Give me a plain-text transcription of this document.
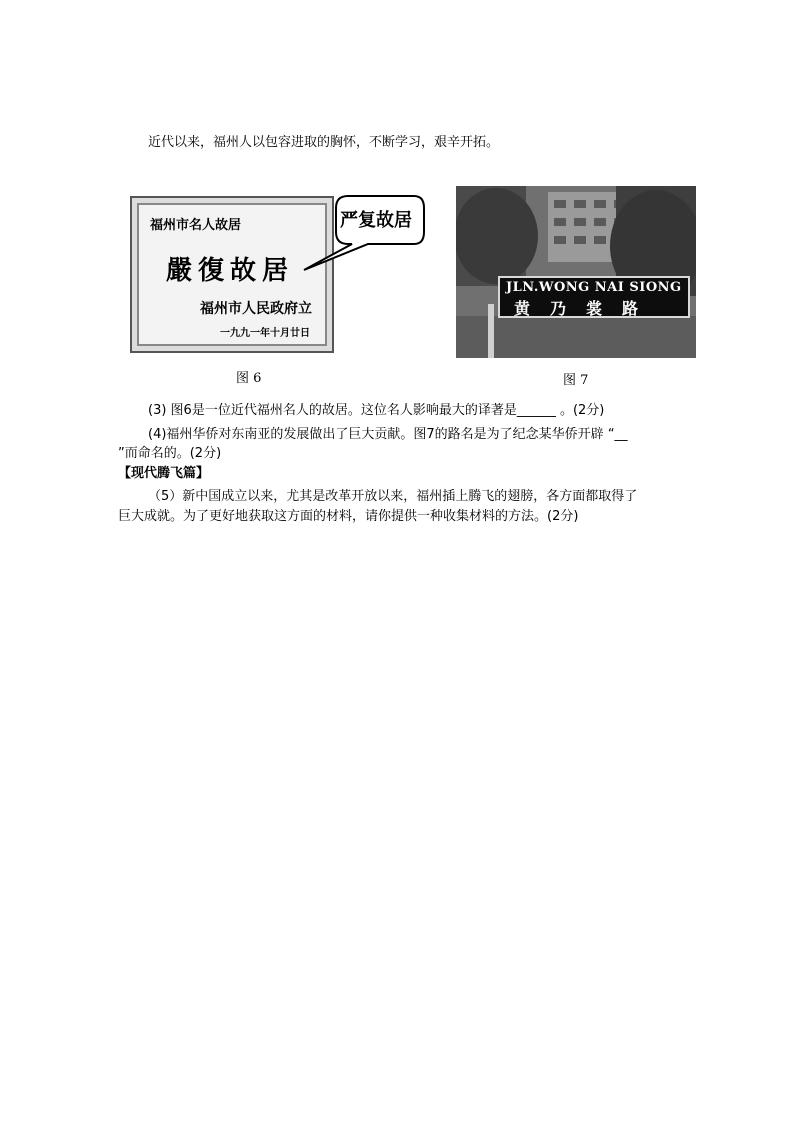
近代以来，福州人以包容进取的胸怀，不断学习，艰辛开拓。
福州市名人故居
嚴復故居
福州市人民政府立
一九九一年十月廿日
严复故居
图 6
JLN.WONG NAI SIONG
黄乃裳路
图 7
(3) 图6是一位近代福州名人的故居。这位名人影响最大的译著是______ 。(2分)
(4)福州华侨对东南亚的发展做出了巨大贡献。图7的路名是为了纪念某华侨开辟 “__
”而命名的。(2分)
【现代腾飞篇】
（5）新中国成立以来，尤其是改革开放以来，福州插上腾飞的翅膀，各方面都取得了
巨大成就。为了更好地获取这方面的材料，请你提供一种收集材料的方法。(2分)
